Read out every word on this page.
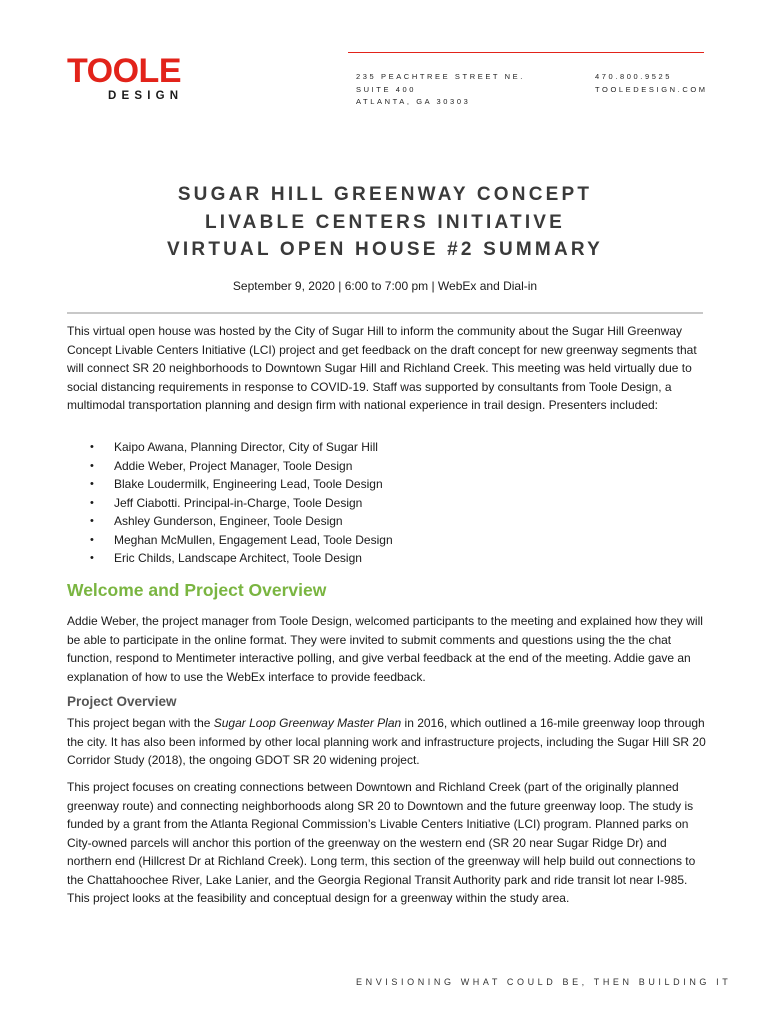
TOOLE
DESIGN
235 PEACHTREE STREET NE.
SUITE 400
ATLANTA, GA 30303
470.800.9525
TOOLEDESIGN.COM
SUGAR HILL GREENWAY CONCEPT
LIVABLE CENTERS INITIATIVE
VIRTUAL OPEN HOUSE #2 SUMMARY
September 9, 2020 | 6:00 to 7:00 pm | WebEx and Dial-in

This virtual open house was hosted by the City of Sugar Hill to inform the community about the Sugar Hill Greenway Concept Livable Centers Initiative (LCI) project and get feedback on the draft concept for new greenway segments that will connect SR 20 neighborhoods to Downtown Sugar Hill and Richland Creek. This meeting was held virtually due to social distancing requirements in response to COVID-19. Staff was supported by consultants from Toole Design, a multimodal transportation planning and design firm with national experience in trail design. Presenters included:

• Kaipo Awana, Planning Director, City of Sugar Hill
• Addie Weber, Project Manager, Toole Design
• Blake Loudermilk, Engineering Lead, Toole Design
• Jeff Ciabotti. Principal-in-Charge, Toole Design
• Ashley Gunderson, Engineer, Toole Design
• Meghan McMullen, Engagement Lead, Toole Design
• Eric Childs, Landscape Architect, Toole Design
Welcome and Project Overview

Addie Weber, the project manager from Toole Design, welcomed participants to the meeting and explained how they will be able to participate in the online format. They were invited to submit comments and questions using the the chat function, respond to Mentimeter interactive polling, and give verbal feedback at the end of the meeting. Addie gave an explanation of how to use the WebEx interface to provide feedback.

Project Overview

This project began with the Sugar Loop Greenway Master Plan in 2016, which outlined a 16-mile greenway loop through the city. It has also been informed by other local planning work and infrastructure projects, including the Sugar Hill SR 20 Corridor Study (2018), the ongoing GDOT SR 20 widening project.

This project focuses on creating connections between Downtown and Richland Creek (part of the originally planned greenway route) and connecting neighborhoods along SR 20 to Downtown and the future greenway loop. The study is funded by a grant from the Atlanta Regional Commission’s Livable Centers Initiative (LCI) program. Planned parks on City-owned parcels will anchor this portion of the greenway on the western end (SR 20 near Sugar Ridge Dr) and northern end (Hillcrest Dr at Richland Creek). Long term, this section of the greenway will help build out connections to the Chattahoochee River, Lake Lanier, and the Georgia Regional Transit Authority park and ride transit lot near I-985. This project looks at the feasibility and conceptual design for a greenway within the study area.

ENVISIONING WHAT COULD BE, THEN BUILDING IT
